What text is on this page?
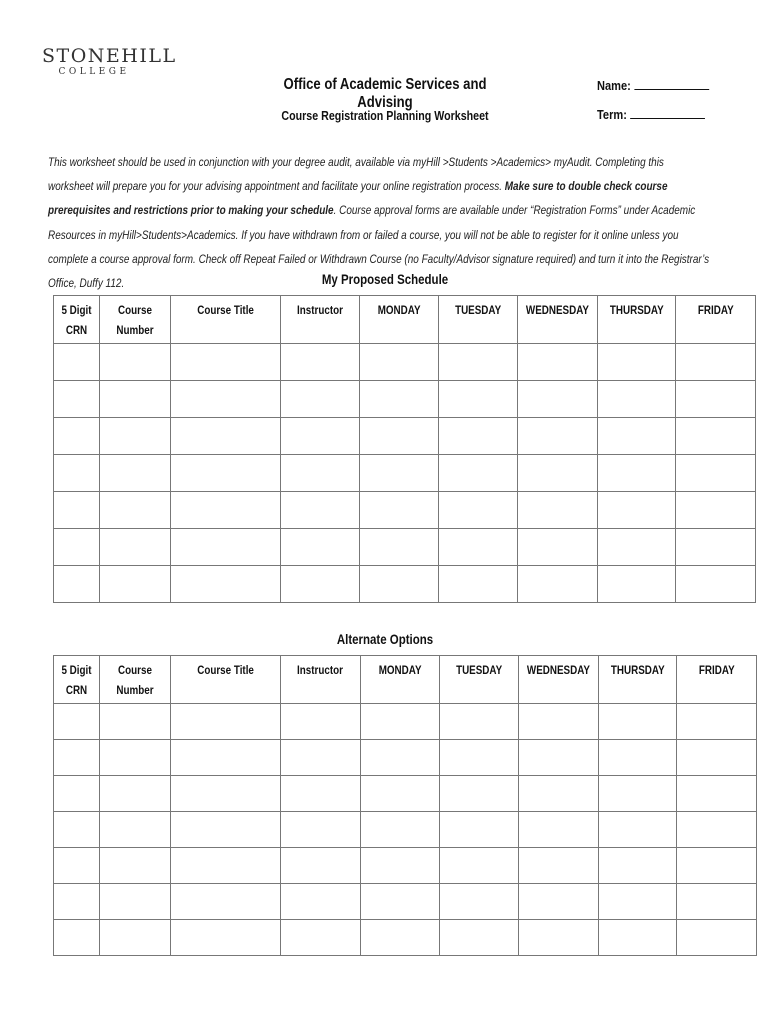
STONEHILL
COLLEGE
Office of Academic Services and Advising
Course Registration Planning Worksheet
Name:
Term:
This worksheet should be used in conjunction with your degree audit, available via myHill >Students >Academics> myAudit. Completing this worksheet will prepare you for your advising appointment and facilitate your online registration process. Make sure to double check course prerequisites and restrictions prior to making your schedule. Course approval forms are available under “Registration Forms” under Academic Resources in myHill>Students>Academics. If you have withdrawn from or failed a course, you will not be able to register for it online unless you complete a course approval form. Check off Repeat Failed or Withdrawn Course (no Faculty/Advisor signature required) and turn it into the Registrar’s Office, Duffy 112.	My Proposed Schedule
5 Digit CRN	Course Number	Course Title	Instructor	MONDAY	TUESDAY	WEDNESDAY	THURSDAY	FRIDAY

Alternate Options
5 Digit CRN	Course Number	Course Title	Instructor	MONDAY	TUESDAY	WEDNESDAY	THURSDAY	FRIDAY
